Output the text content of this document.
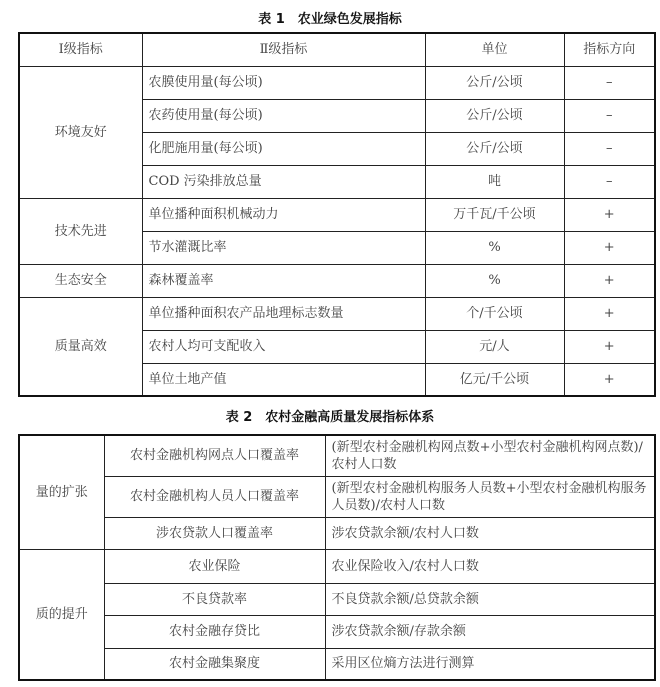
表 1　农业绿色发展指标
Ⅰ级指标	Ⅱ级指标	单位	指标方向
环境友好	农膜使用量(每公顷)	公斤/公顷	–
	农药使用量(每公顷)	公斤/公顷	–
	化肥施用量(每公顷)	公斤/公顷	–
	COD 污染排放总量	吨	–
技术先进	单位播种面积机械动力	万千瓦/千公顷	+
	节水灌溉比率	%	+
生态安全	森林覆盖率	%	+
质量高效	单位播种面积农产品地理标志数量	个/千公顷	+
	农村人均可支配收入	元/人	+
	单位土地产值	亿元/千公顷	+
表 2　农村金融高质量发展指标体系
量的扩张	农村金融机构网点人口覆盖率	(新型农村金融机构网点数+小型农村金融机构网点数)/农村人口数
	农村金融机构人员人口覆盖率	(新型农村金融机构服务人员数+小型农村金融机构服务人员数)/农村人口数
	涉农贷款人口覆盖率	涉农贷款余额/农村人口数
质的提升	农业保险	农业保险收入/农村人口数
	不良贷款率	不良贷款余额/总贷款余额
	农村金融存贷比	涉农贷款余额/存款余额
	农村金融集聚度	采用区位熵方法进行测算
